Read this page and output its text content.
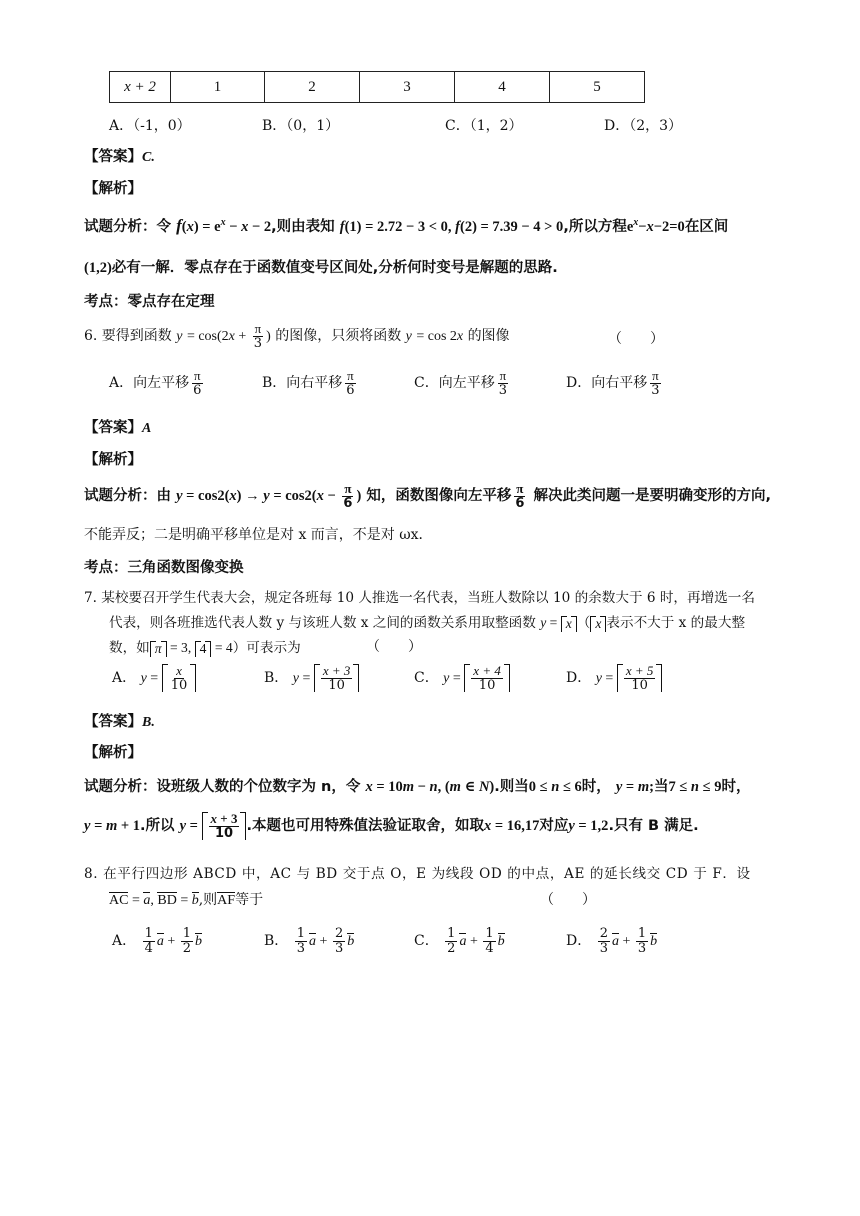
x + 2	1	2	3	4	5
A．（-1，0）	B．（0，1）	C．（1，2）	D．（2，3）
【答案】C.
【解析】
试题分析：令 $f(x) = e^x - x - 2$,则由表知 f(1) = 2.72 − 3 < 0, f(2) = 7.39 − 4 > 0,所以方程$e^x-x-2=0$在区间
(1,2)必有一解．零点存在于函数值变号区间处,分析何时变号是解题的思路.
考点：零点存在定理
6. 要得到函数 $y = \cos(2x + \frac{\pi}{3}$ ) 的图像，只须将函数 y = cos 2x 的图像	（　　）
A．向左平移 $\frac{\pi}{6}$	B．向右平移 $\frac{\pi}{6}$	C．向左平移 $\frac{\pi}{3}$	D．向右平移 $\frac{\pi}{3}$
【答案】A
【解析】
试题分析：由 $y = \cos 2(x) \to y = \cos 2(x - \frac{\pi}{6}$ ) 知，函数图像向左平移 $\frac{\pi}{6}$ 解决此类问题一是要明确变形的方向,
不能弄反；二是明确平移单位是对 x 而言，不是对 ωx．
考点：三角函数图像变换
7. 某校要召开学生代表大会，规定各班每 10 人推选一名代表，当班人数除以 10 的余数大于 6 时，再增选一名
代表，则各班推选代表人数 y 与该班人数 x 之间的函数关系用取整函数 y = x （ x 表示不大于 x 的最大整
数，如 π = 3, 4 = 4）可表示为	（　　）
A． $y = \frac{x}{10}$	B． $y = \frac{x + 3}{10}$	C． $y = \frac{x + 4}{10}$	D． $y = \frac{x + 5}{10}$
【答案】B.
【解析】
试题分析：设班级人数的个位数字为 n，令 x = 10m − n, (m ∈ N).则当0 ≤ n ≤ 6时， y = m;当7 ≤ n ≤ 9时，
y = m + 1.所以 $y = \frac{x + 3}{10}$ .本题也可用特殊值法验证取舍，如取x = 16,17对应y = 1,2.只有 B 满足.
8. 在平行四边形 ABCD 中，AC 与 BD 交于点 O，E 为线段 OD 的中点，AE 的延长线交 CD 于 F．设
AC = a, BD = b,则AF等于	（　　）
A． $\frac{1}{4}$ $a + \frac{1}{2}$ b	B． $\frac{1}{3}$ $a + \frac{2}{3}$ b	C． $\frac{1}{2}$ $a + \frac{1}{4}$ b	D． $\frac{2}{3}$ $a + \frac{1}{3}$ b
